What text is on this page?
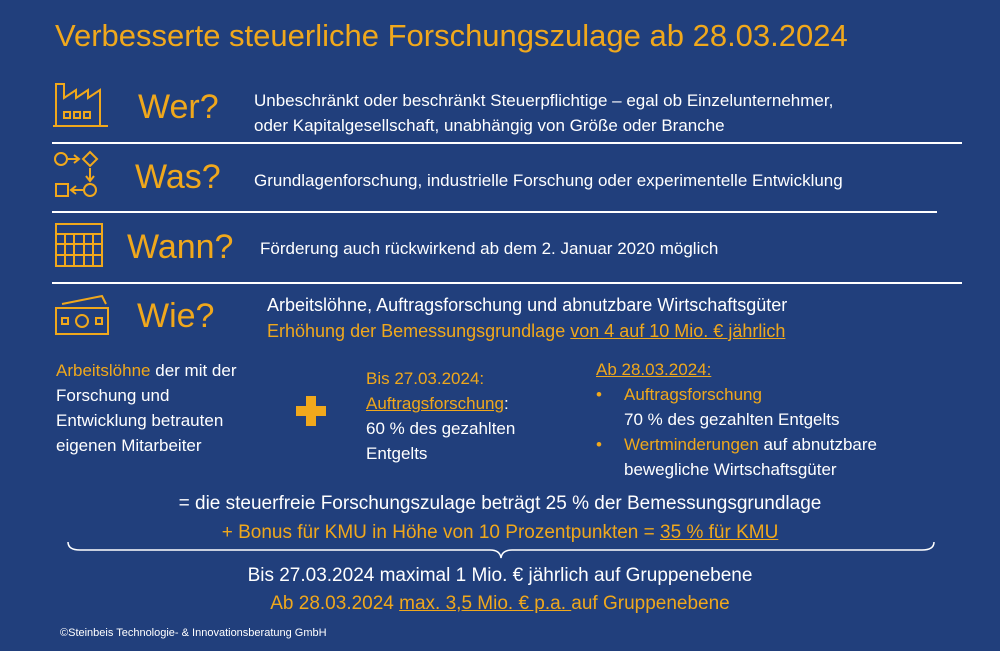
Verbesserte steuerliche Forschungszulage ab 28.03.2024
Wer? Unbeschränkt oder beschränkt Steuerpflichtige – egal ob Einzelunternehmer,
oder Kapitalgesellschaft, unabhängig von Größe oder Branche
Was? Grundlagenforschung, industrielle Forschung oder experimentelle Entwicklung
Wann? Förderung auch rückwirkend ab dem 2. Januar 2020 möglich
Wie?	Arbeitslöhne, Auftragsforschung und abnutzbare Wirtschaftsgüter
Erhöhung der Bemessungsgrundlage von 4 auf 10 Mio. € jährlich
Arbeitslöhne der mit der
Forschung und
Entwicklung betrauten
eigenen Mitarbeiter
Bis 27.03.2024:
Auftragsforschung:
60 % des gezahlten
Entgelts
Ab 28.03.2024:
• Auftragsforschung
70 % des gezahlten Entgelts
• Wertminderungen auf abnutzbare
bewegliche Wirtschaftsgüter
= die steuerfreie Forschungszulage beträgt 25 % der Bemessungsgrundlage
+ Bonus für KMU in Höhe von 10 Prozentpunkten = 35 % für KMU
Bis 27.03.2024 maximal 1 Mio. € jährlich auf Gruppenebene
Ab 28.03.2024 max. 3,5 Mio. € p.a. auf Gruppenebene
©Steinbeis Technologie- & Innovationsberatung GmbH
